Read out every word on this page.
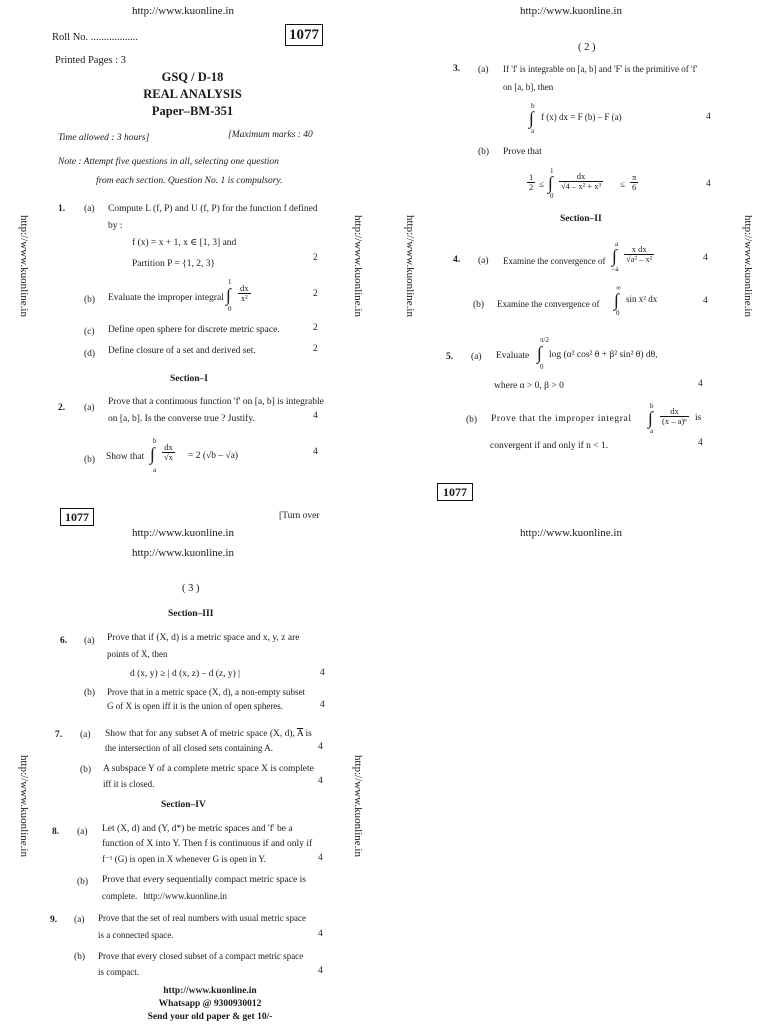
http://www.kuonline.in	http://www.kuonline.in
http://www.kuonline.in	http://www.kuonline.in	http://www.kuonline.in	http://www.kuonline.in
http://www.kuonline.in	http://www.kuonline.in
Roll No. ..................	1077
Printed Pages : 3
GSQ / D-18
REAL ANALYSIS
Paper–BM-351
Time allowed : 3 hours]	[Maximum marks : 40
Note : Attempt five questions in all, selecting one question
from each section. Question No. 1 is compulsory.
1. (a) Compute L (f, P) and U (f, P) for the function f defined
by :
f (x) = x + 1, x ∈ [1, 3] and
Partition P = {1, 2, 3}
2
(b) Evaluate the improper integral
1
∫
0
$\frac{dx}{\text{x²}}$	2
(c) Define open sphere for discrete metric space.	2
(d) Define closure of a set and derived set.	2
Section–I
2. (a)
Prove that a continuous function 'f' on [a, b] is integrable
on [a, b]. Is the converse true ? Justify.	4
(b) Show that
b
∫
a
$\frac{dx}{√x} = 2$ (√b – √a)	4
1077	[Turn over
( 2 )
3. (a) If 'f' is integrable on [a, b] and 'F' is the primitive of 'f'
on [a, b], then
b
∫
a
f (x) dx = F (b) – F (a)	4
(b) Prove that
$\frac{1}{2}$ ≤
1
∫
0
$\frac{dx}{\text{√4 – x² + x³}} \le \frac{\pi}{6}$	4
Section–II
4. (a) Examine the convergence of
a
∫
–a
$\frac{\text{x dx}}{\text{√a² – x²}}$	4
(b) Examine the convergence of
∞
∫
0
sin x² dx	4
5. (a) Evaluate
π/2
∫
0
log (α² cos² θ + β² sin² θ) dθ,
where α > 0, β > 0	4
(b) Prove that the improper integral
b
∫
a
$\frac{dx}{\text{(x – a)ⁿ}}$ is
convergent if and only if n < 1.	4
1077
http://www.kuonline.in
http://www.kuonline.in
http://www.kuonline.in
( 3 )
Section–III
6. (a) Prove that if (X, d) is a metric space and x, y, z are
points of X, then
d (x, y) ≥ | d (x, z) – d (z, y) |	4
(b) Prove that in a metric space (X, d), a non-empty subset
G of X is open iff it is the union of open spheres.	4
7. (a) Show that for any subset A of metric space (X, d), $\overline{A}$ is
the intersection of all closed sets containing A.	4
(b) A subspace Y of a complete metric space X is complete
iff it is closed.	4
Section–IV
8. (a) Let (X, d) and (Y, d*) be metric spaces and 'f' be a
function of X into Y. Then f is continuous if and only if
f⁻¹ (G) is open in X whenever G is open in Y.	4
(b) Prove that every sequentially compact metric space is
complete. http://www.kuonline.in
9. (a) Prove that the set of real numbers with usual metric space
is a connected space.	4
(b) Prove that every closed subset of a compact metric space
is compact.	4
http://www.kuonline.in
Whatsapp @ 9300930012
Send your old paper & get 10/-
